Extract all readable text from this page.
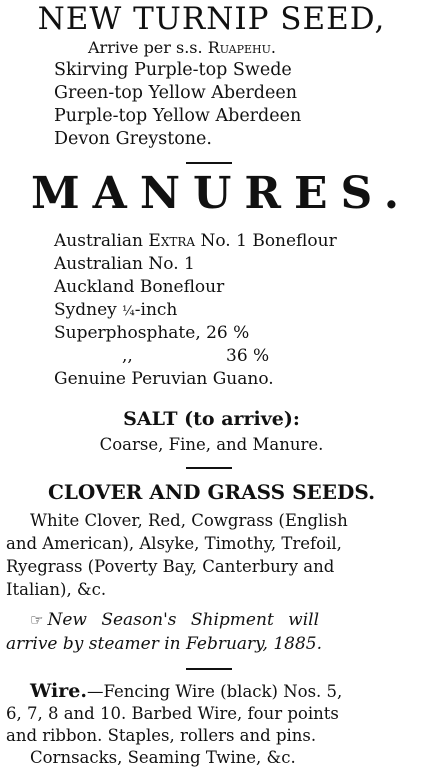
NEW TURNIP SEED,
Arrive per s.s. Ruapehu.
Skirving Purple-top Swede
Green-top Yellow Aberdeen
Purple-top Yellow Aberdeen
Devon Greystone.
MANURES.
Australian Extra No. 1 Boneflour
Australian No. 1
Auckland Boneflour
Sydney ¼-inch
Superphosphate, 26 %
,,	36 %
Genuine Peruvian Guano.
SALT (to arrive):
Coarse, Fine, and Manure.
CLOVER AND GRASS SEEDS.
White Clover, Red, Cowgrass (English
and American), Alsyke, Timothy, Trefoil,
Ryegrass (Poverty Bay, Canterbury and
Italian), &c.
☞ New Season's Shipment will
arrive by steamer in February, 1885.
Wire.—Fencing Wire (black) Nos. 5,
6, 7, 8 and 10. Barbed Wire, four points
and ribbon. Staples, rollers and pins.
Cornsacks, Seaming Twine, &c.
